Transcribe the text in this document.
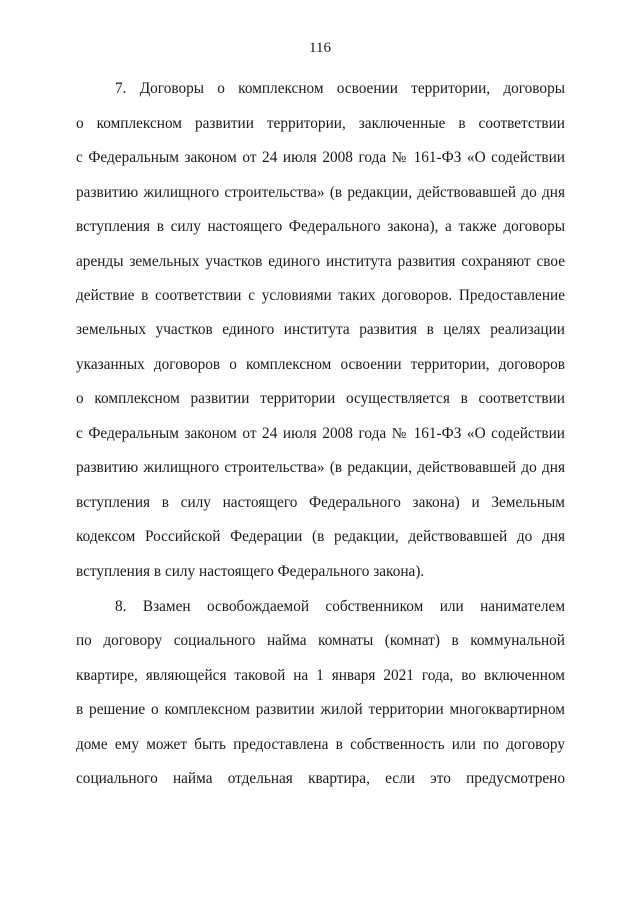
116
7. Договоры о комплексном освоении территории, договоры
о комплексном развитии территории, заключенные в соответствии
с Федеральным законом от 24 июля 2008 года № 161-ФЗ «О содействии
развитию жилищного строительства» (в редакции, действовавшей до дня
вступления в силу настоящего Федерального закона), а также договоры
аренды земельных участков единого института развития сохраняют свое
действие в соответствии с условиями таких договоров. Предоставление
земельных участков единого института развития в целях реализации
указанных договоров о комплексном освоении территории, договоров
о комплексном развитии территории осуществляется в соответствии
с Федеральным законом от 24 июля 2008 года № 161-ФЗ «О содействии
развитию жилищного строительства» (в редакции, действовавшей до дня
вступления в силу настоящего Федерального закона) и Земельным
кодексом Российской Федерации (в редакции, действовавшей до дня
вступления в силу настоящего Федерального закона).
8. Взамен освобождаемой собственником или нанимателем
по договору социального найма комнаты (комнат) в коммунальной
квартире, являющейся таковой на 1 января 2021 года, во включенном
в решение о комплексном развитии жилой территории многоквартирном
доме ему может быть предоставлена в собственность или по договору
социального найма отдельная квартира, если это предусмотрено
